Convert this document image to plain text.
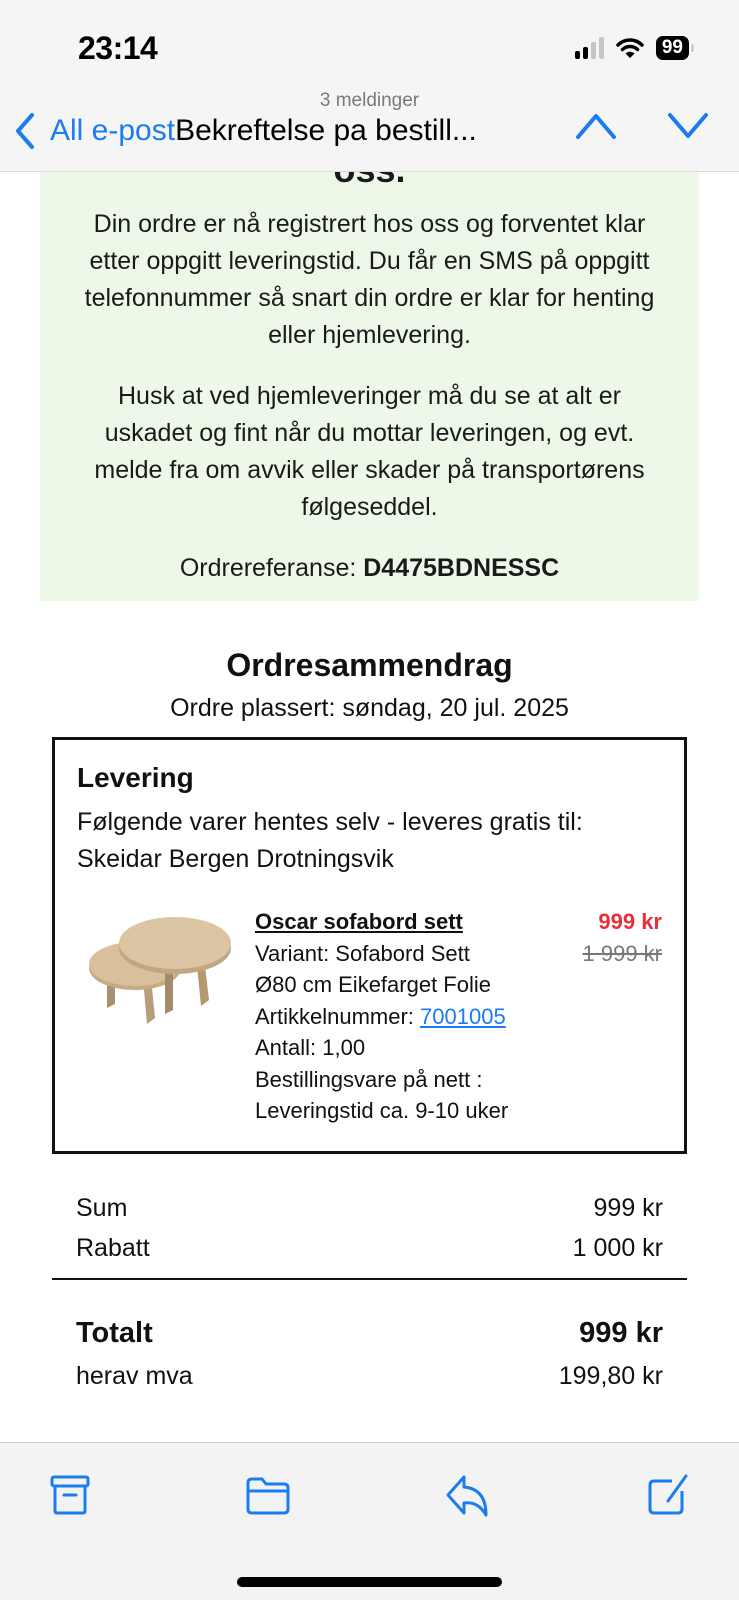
23:14	99
3 meldinger
All e-post Bekreftelse pa bestill...

Din ordre er nå registrert hos oss og forventet klar etter oppgitt leveringstid. Du får en SMS på oppgitt telefonnummer så snart din ordre er klar for henting eller hjemlevering.

Husk at ved hjemleveringer må du se at alt er uskadet og fint når du mottar leveringen, og evt. melde fra om avvik eller skader på transportørens følgeseddel.

Ordrereferanse: D4475BDNESSC
Ordresammendrag
Ordre plassert: søndag, 20 jul. 2025
Levering
Følgende varer hentes selv - leveres gratis til: Skeidar Bergen Drotningsvik
Oscar sofabord sett
Variant: Sofabord Sett
Ø80 cm Eikefarget Folie
Artikkelnummer: 7001005
Antall: 1,00
Bestillingsvare på nett :
Leveringstid ca. 9-10 uker
999 kr
1 999 kr
Sum	999 kr
Rabatt	1 000 kr
Totalt	999 kr
herav mva	199,80 kr
